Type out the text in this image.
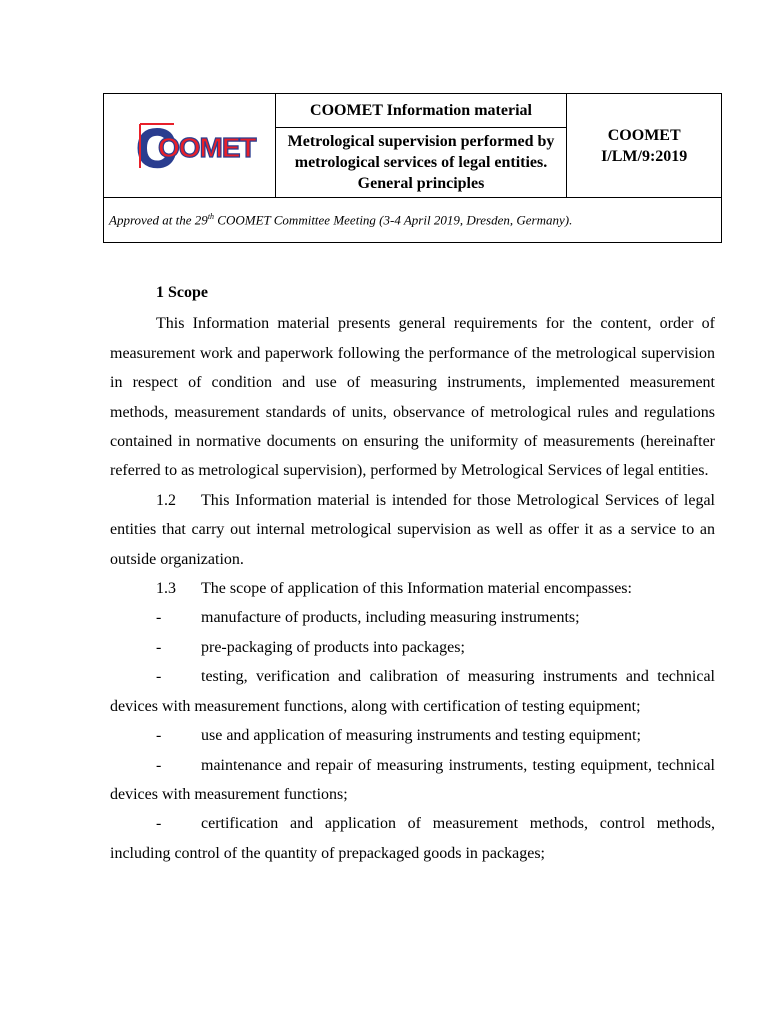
C
OOMET
	COOMET Information material	
COOMET
I/LM/9:2019

Metrological supervision performed by metrological services of legal entities. General principles
Approved at the 29th COOMET Committee Meeting (3-4 April 2019, Dresden, Germany).

1 Scope

This Information material presents general requirements for the content, order of measurement work and paperwork following the performance of the metrological supervision in respect of condition and use of measuring instruments, implemented measurement methods, measurement standards of units, observance of metrological rules and regulations contained in normative documents on ensuring the uniformity of measurements (hereinafter referred to as metrological supervision), performed by Metrological Services of legal entities.

1.2 This Information material is intended for those Metrological Services of legal entities that carry out internal metrological supervision as well as offer it as a service to an outside organization.

1.3 The scope of application of this Information material encompasses:

- manufacture of products, including measuring instruments;

- pre-packaging of products into packages;

- testing, verification and calibration of measuring instruments and technical devices with measurement functions, along with certification of testing equipment;

- use and application of measuring instruments and testing equipment;

- maintenance and repair of measuring instruments, testing equipment, technical devices with measurement functions;

- certification and application of measurement methods, control methods, including control of the quantity of prepackaged goods in packages;
